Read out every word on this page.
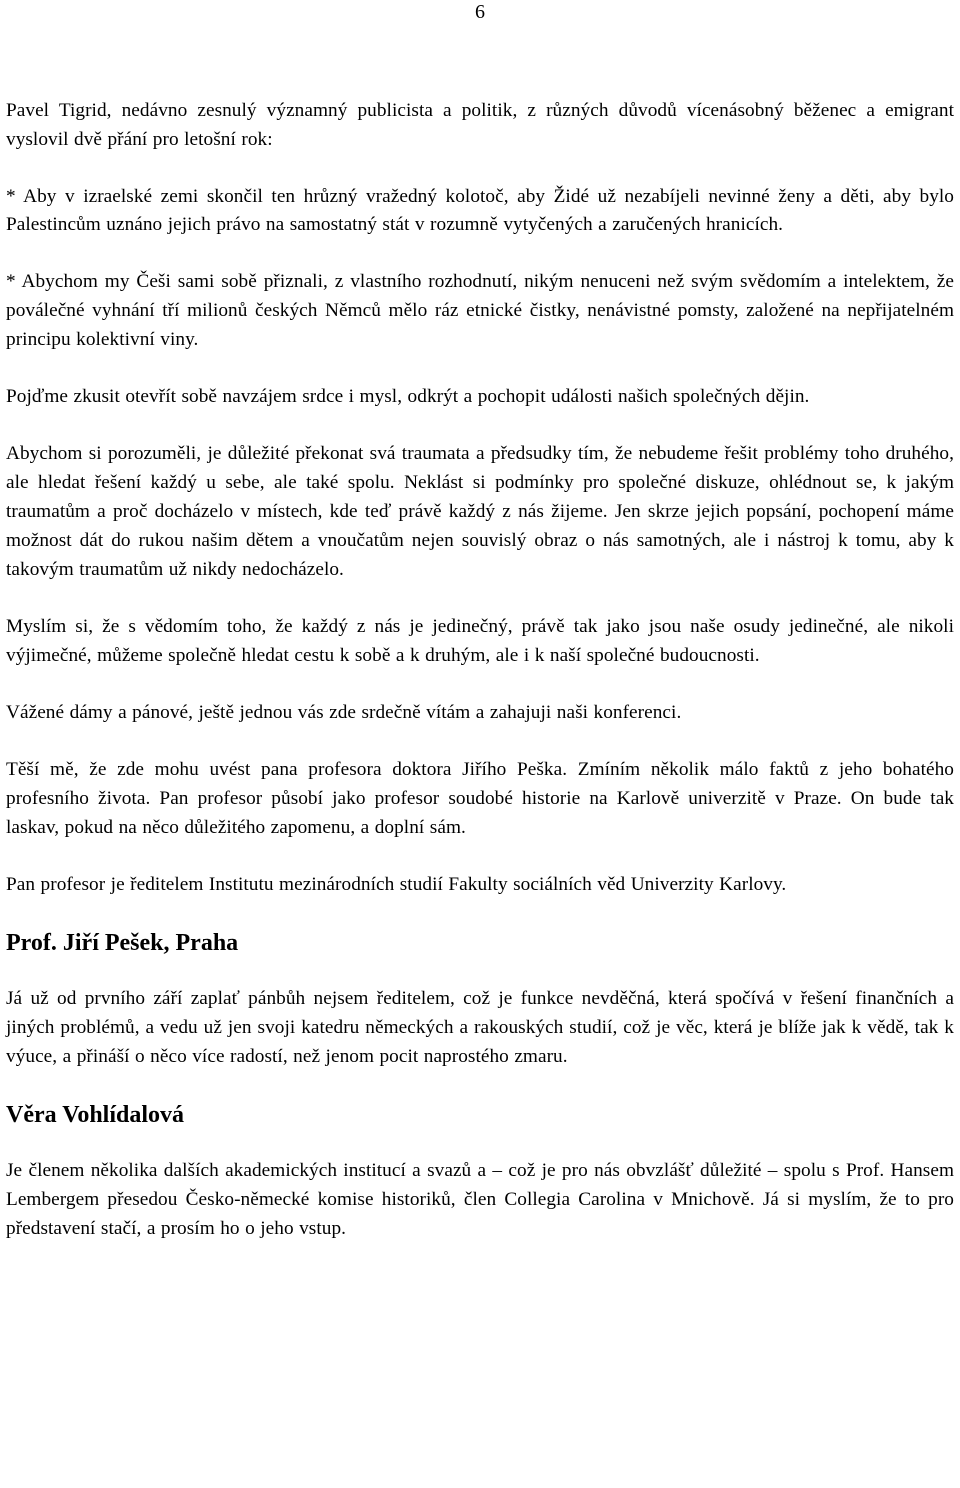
6

Pavel Tigrid, nedávno zesnulý významný publicista a politik, z různých důvodů vícenásobný běženec a emigrant vyslovil dvě přání pro letošní rok:

* Aby v izraelské zemi skončil ten hrůzný vražedný kolotoč, aby Židé už nezabíjeli nevinné ženy a děti, aby bylo Palestincům uznáno jejich právo na samostatný stát v rozumně vytyčených a zaručených hranicích.

* Abychom my Češi sami sobě přiznali, z vlastního rozhodnutí, nikým nenuceni než svým svědomím a intelektem, že poválečné vyhnání tří milionů českých Němců mělo ráz etnické čistky, nenávistné pomsty, založené na nepřijatelném principu kolektivní viny.

Pojďme zkusit otevřít sobě navzájem srdce i mysl, odkrýt a pochopit události našich společných dějin.

Abychom si porozuměli, je důležité překonat svá traumata a předsudky tím, že nebudeme řešit problémy toho druhého, ale hledat řešení každý u sebe, ale také spolu. Neklást si podmínky pro společné diskuze, ohlédnout se, k jakým traumatům a proč docházelo v místech, kde teď právě každý z nás žijeme. Jen skrze jejich popsání, pochopení máme možnost dát do rukou našim dětem a vnoučatům nejen souvislý obraz o nás samotných, ale i nástroj k tomu, aby k takovým traumatům už nikdy nedocházelo.

Myslím si, že s vědomím toho, že každý z nás je jedinečný, právě tak jako jsou naše osudy jedinečné, ale nikoli výjimečné, můžeme společně hledat cestu k sobě a k druhým, ale i k naší společné budoucnosti.

Vážené dámy a pánové, ještě jednou vás zde srdečně vítám a zahajuji naši konferenci.

Těší mě, že zde mohu uvést pana profesora doktora Jiřího Peška. Zmíním několik málo faktů z jeho bohatého profesního života. Pan profesor působí jako profesor soudobé historie na Karlově univerzitě v Praze. On bude tak laskav, pokud na něco důležitého zapomenu, a doplní sám.

Pan profesor je ředitelem Institutu mezinárodních studií Fakulty sociálních věd Univerzity Karlovy.

Prof. Jiří Pešek, Praha

Já už od prvního září zaplať pánbůh nejsem ředitelem, což je funkce nevděčná, která spočívá v řešení finančních a jiných problémů, a vedu už jen svoji katedru německých a rakouských studií, což je věc, která je blíže jak k vědě, tak k výuce, a přináší o něco více radostí, než jenom pocit naprostého zmaru.

Věra Vohlídalová

Je členem několika dalších akademických institucí a svazů a – což je pro nás obvzlášť důležité – spolu s Prof. Hansem Lembergem přesedou Česko-německé komise historiků, člen Collegia Carolina v Mnichově. Já si myslím, že to pro představení stačí, a prosím ho o jeho vstup.
